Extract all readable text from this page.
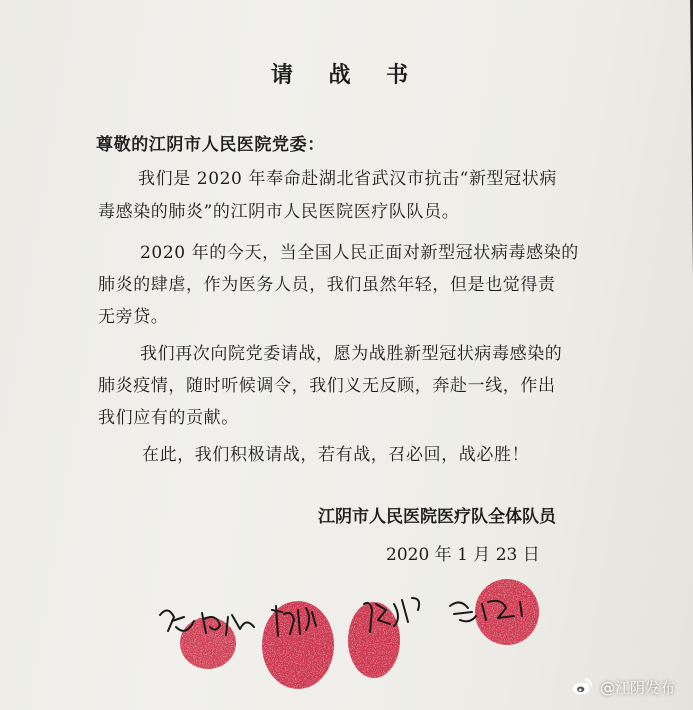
请 战 书
尊敬的江阴市人民医院党委：
我们是 2020 年奉命赴湖北省武汉市抗击“新型冠状病
毒感染的肺炎”的江阴市人民医院医疗队队员。
2020 年的今天，当全国人民正面对新型冠状病毒感染的
肺炎的肆虐，作为医务人员，我们虽然年轻，但是也觉得责
无旁贷。
我们再次向院党委请战，愿为战胜新型冠状病毒感染的
肺炎疫情，随时听候调令，我们义无反顾，奔赴一线，作出
我们应有的贡献。
在此，我们积极请战，若有战，召必回，战必胜！
江阴市人民医院医疗队全体队员
2020 年 1 月 23 日
@江阴发布
